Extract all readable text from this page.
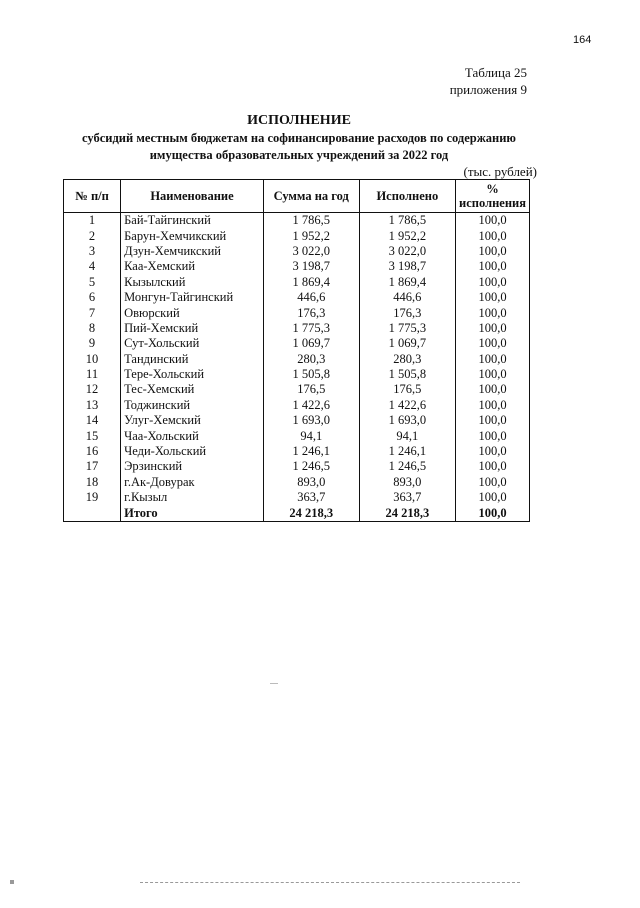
164
Таблица 25
приложения 9
ИСПОЛНЕНИЕ
субсидий местным бюджетам на софинансирование расходов по содержанию
имущества образовательных учреждений за 2022 год
(тыс. рублей)
№ п/п	Наименование	Сумма на год	Исполнено	%
исполнения
1	Бай-Тайгинский	1 786,5	1 786,5	100,0
2	Барун-Хемчикский	1 952,2	1 952,2	100,0
3	Дзун-Хемчикский	3 022,0	3 022,0	100,0
4	Каа-Хемский	3 198,7	3 198,7	100,0
5	Кызылский	1 869,4	1 869,4	100,0
6	Монгун-Тайгинский	446,6	446,6	100,0
7	Овюрский	176,3	176,3	100,0
8	Пий-Хемский	1 775,3	1 775,3	100,0
9	Сут-Хольский	1 069,7	1 069,7	100,0
10	Тандинский	280,3	280,3	100,0
11	Тере-Хольский	1 505,8	1 505,8	100,0
12	Тес-Хемский	176,5	176,5	100,0
13	Тоджинский	1 422,6	1 422,6	100,0
14	Улуг-Хемский	1 693,0	1 693,0	100,0
15	Чаа-Хольский	94,1	94,1	100,0
16	Чеди-Хольский	1 246,1	1 246,1	100,0
17	Эрзинский	1 246,5	1 246,5	100,0
18	г.Ак-Довурак	893,0	893,0	100,0
19	г.Кызыл	363,7	363,7	100,0
	Итого	24 218,3	24 218,3	100,0
